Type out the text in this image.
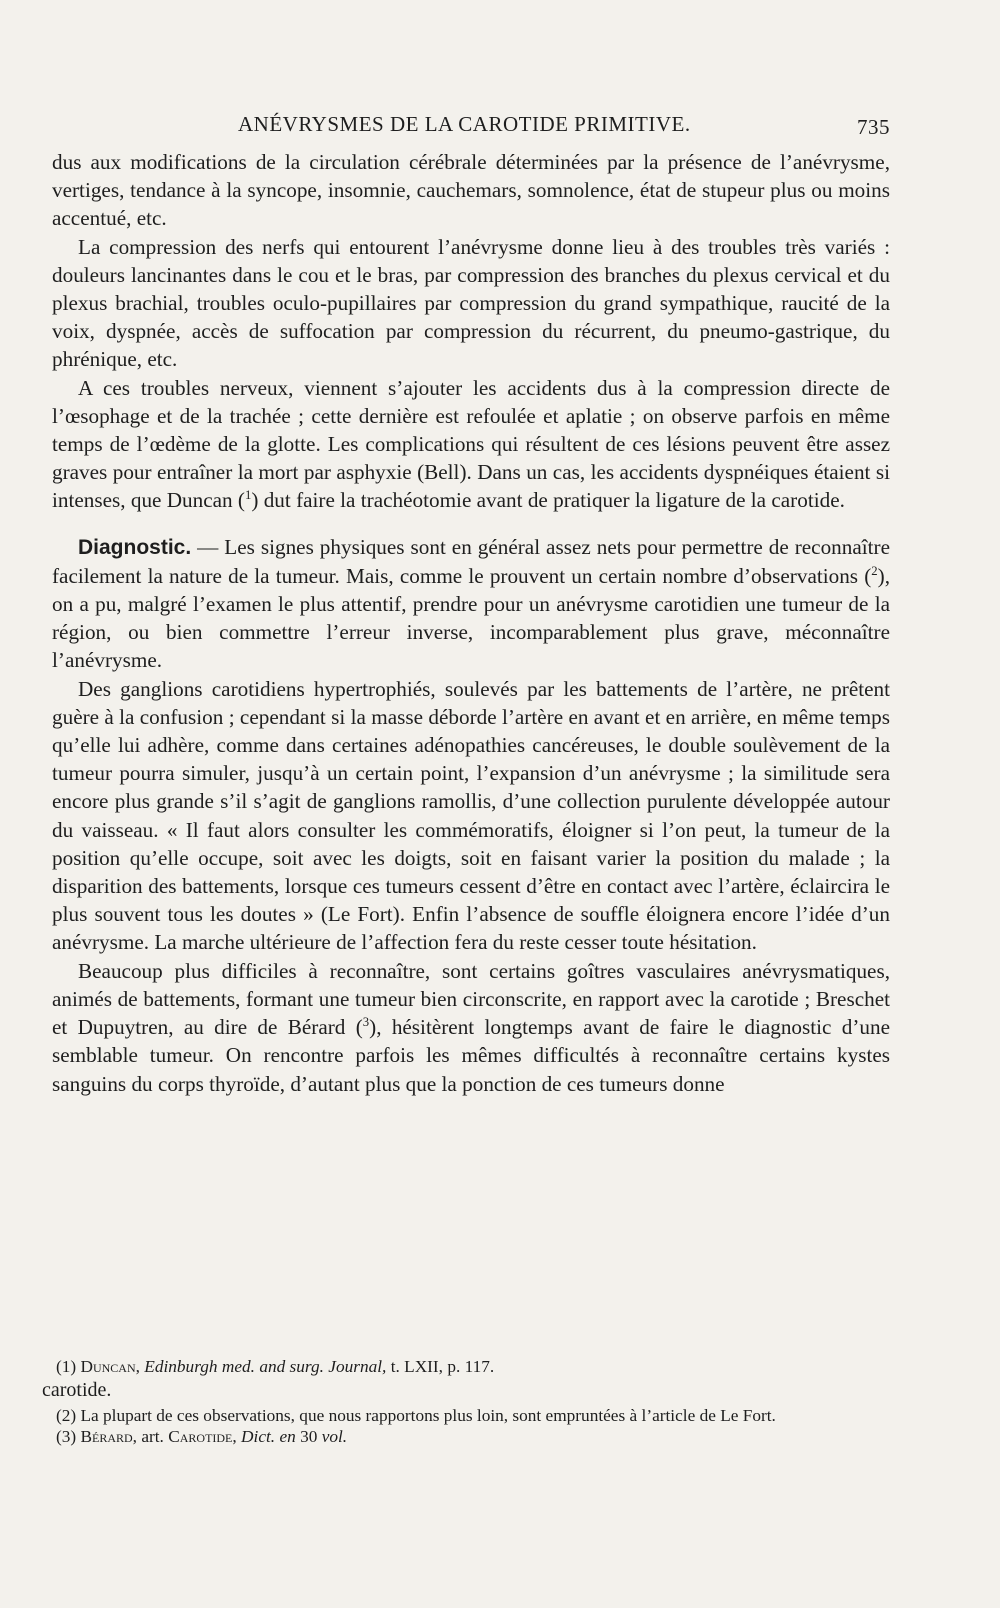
ANÉVRYSMES DE LA CAROTIDE PRIMITIVE.	735

dus aux modifications de la circulation cérébrale déterminées par la présence de l’anévrysme, vertiges, tendance à la syncope, insomnie, cauchemars, somnolence, état de stupeur plus ou moins accentué, etc.

La compression des nerfs qui entourent l’anévrysme donne lieu à des troubles très variés : douleurs lancinantes dans le cou et le bras, par compression des branches du plexus cervical et du plexus brachial, troubles oculo-pupillaires par compression du grand sympathique, raucité de la voix, dyspnée, accès de suffocation par compression du récurrent, du pneumo-gastrique, du phrénique, etc.

A ces troubles nerveux, viennent s’ajouter les accidents dus à la compression directe de l’œsophage et de la trachée ; cette dernière est refoulée et aplatie ; on observe parfois en même temps de l’œdème de la glotte. Les complications qui résultent de ces lésions peuvent être assez graves pour entraîner la mort par asphyxie (Bell). Dans un cas, les accidents dyspnéiques étaient si intenses, que Duncan ($^1$) dut faire la trachéotomie avant de pratiquer la ligature de la carotide.

Diagnostic. — Les signes physiques sont en général assez nets pour permettre de reconnaître facilement la nature de la tumeur. Mais, comme le prouvent un certain nombre d’observations ($^2$), on a pu, malgré l’examen le plus attentif, prendre pour un anévrysme carotidien une tumeur de la région, ou bien commettre l’erreur inverse, incomparablement plus grave, méconnaître l’anévrysme.

Des ganglions carotidiens hypertrophiés, soulevés par les battements de l’artère, ne prêtent guère à la confusion ; cependant si la masse déborde l’artère en avant et en arrière, en même temps qu’elle lui adhère, comme dans certaines adénopathies cancéreuses, le double soulèvement de la tumeur pourra simuler, jusqu’à un certain point, l’expansion d’un anévrysme ; la similitude sera encore plus grande s’il s’agit de ganglions ramollis, d’une collection purulente développée autour du vaisseau. « Il faut alors consulter les commémoratifs, éloigner si l’on peut, la tumeur de la position qu’elle occupe, soit avec les doigts, soit en faisant varier la position du malade ; la disparition des battements, lorsque ces tumeurs cessent d’être en contact avec l’artère, éclaircira le plus souvent tous les doutes » (Le Fort). Enfin l’absence de souffle éloignera encore l’idée d’un anévrysme. La marche ultérieure de l’affection fera du reste cesser toute hésitation.

Beaucoup plus difficiles à reconnaître, sont certains goîtres vasculaires anévrysmatiques, animés de battements, formant une tumeur bien circonscrite, en rapport avec la carotide ; Breschet et Dupuytren, au dire de Bérard ($^3$), hésitèrent longtemps avant de faire le diagnostic d’une semblable tumeur. On rencontre parfois les mêmes difficultés à reconnaître certains kystes sanguins du corps thyroïde, d’autant plus que la ponction de ces tumeurs donne

(1) Duncan, Edinburgh med. and surg. Journal, t. LXII, p. 117.

carotide.

(2) La plupart de ces observations, que nous rapportons plus loin, sont empruntées à l’article de Le Fort.

(3) Bérard, art. Carotide, Dict. en 30 vol.
